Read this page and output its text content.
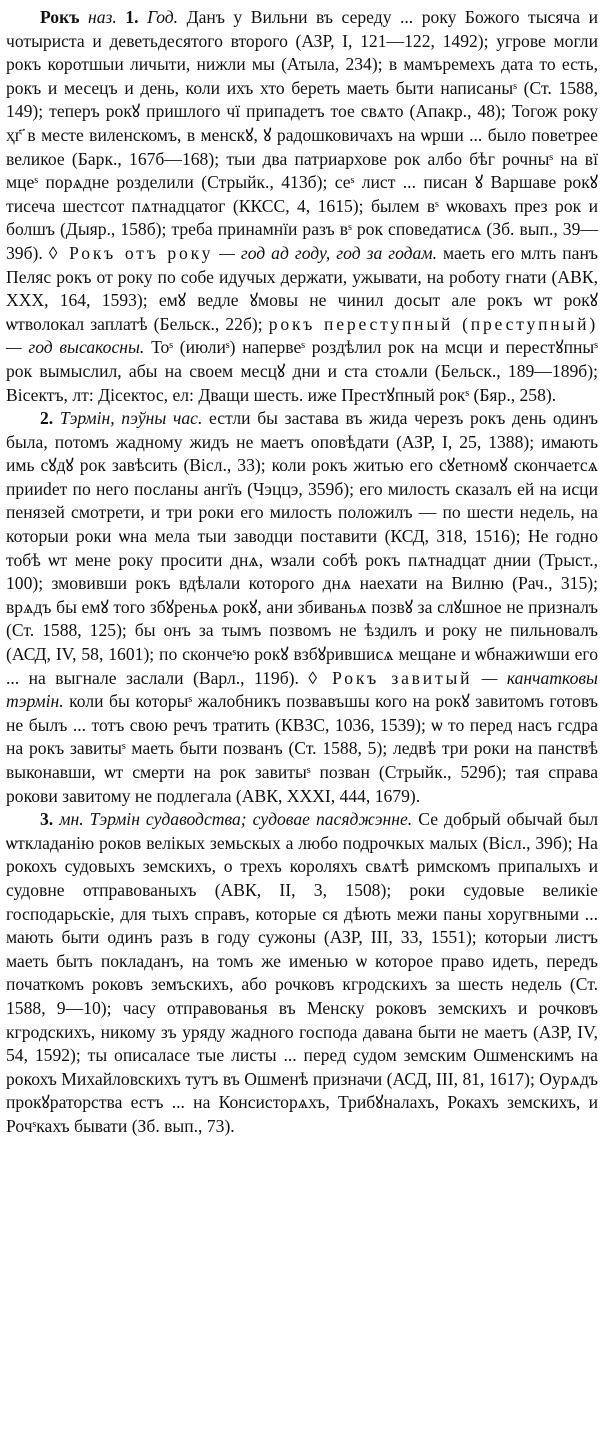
Рокъ наз. 1. Год. Данъ у Вильни въ середу ... року Божого тысяча и чотыриста и деветьдесятого второго (АЗР, I, 121—122, 1492); угрове могли рокъ коротшыи личыти, нижли мы (Атыла, 234); в мамъремехъ дата то есть, рокъ и месецъ и день, коли ихъ хто береть маеть быти написаныˢ (Ст. 1588, 149); теперъ рокꙋ пришлого чї припадетъ тое свѧто (Апакр., 48); Тогож року ҳг҃ в месте виленскомъ, в менскꙋ, ꙋ радошковичахъ на ѡрши ... было поветрее великое (Барк., 167б—168); тыи два патриархове рок албо бѣг рочныˢ на вї мцеˢ порѧдне розделили (Стрыйк., 413б); сеˢ лист ... писан ꙋ Варшаве рокꙋ тисеча шестсот пѧтнадцатог (ККСС, 4, 1615); былем вˢ ѡковахъ през рок и болшъ (Дыяр., 158б); треба принамнїи разъ вˢ рок споведатисѧ (Зб. вып., 39—39б). ◊ Рокъ отъ року — год ад году, год за годам. маеть его млть панъ Пеляс рокъ от року по собе идучых держати, ужывати, на роботу гнати (АВК, XXX, 164, 1593); емꙋ ведле ꙋмовы не чинил досыт але рокъ ѡт рокꙋ ѡтволокал заплатѣ (Бельск., 22б); рокъ переступный (преступный) — год высакосны. Тоˢ (июлиˢ) напервеˢ роздѣлил рок на мсци и перестꙋпныˢ рок вымыслил, абы на своем месцꙋ дни и ста стоѧли (Бельск., 189—189б); Вісектъ, лт: Дісектос, ел: Дващи шесть. иже Престꙋпный рокˢ (Бяр., 258).

2. Тэрмін, пэўны час. естли бы застава въ жида черезъ рокъ день одинъ была, потомъ жадному жидъ не маетъ оповѣдати (АЗР, I, 25, 1388); имають имь сꙋдꙋ рок завѣсить (Вісл., 33); коли рокъ житью его сꙋетномꙋ скончаетсѧ прииdет по него посланы ангїъ (Чэццэ, 359б); его милость сказалъ ей на исци пенязей смотрети, и три роки его милость положилъ — по шести недель, на которыи роки ѡна мела тыи заводци поставити (КСД, 318, 1516); Не годно тобѣ ѡт мене року просити днѧ, ѡзали собѣ рокъ пѧтнадцат днии (Трыст., 100); змовивши рокъ вдѣлали которого днѧ наехати на Вилню (Рач., 315); врѧдъ бы емꙋ того збꙋреньѧ рокꙋ, ани збиваньѧ позвꙋ за слꙋшное не призналъ (Ст. 1588, 125); бы онъ за тымъ позвомъ не ѣздилъ и року не пильновалъ (АСД, IV, 58, 1601); по скончеˢю рокꙋ взбꙋрившисѧ мещане и ѡбнажиwши его ... на выгнале заслали (Варл., 119б). ◊ Рокъ завитый — канчатковы тэрмін. коли бы которыˢ жалобникъ позвавъшы кого на рокꙋ завитомъ готовъ не былъ ... тотъ свою речъ тратить (КВЗС, 1036, 1539); ѡ то перед насъ гсдра на рокъ завитыˢ маеть быти позванъ (Ст. 1588, 5); ледвѣ три роки на панствѣ выконавши, ѡт смерти на рок завитыˢ позван (Стрыйк., 529б); тая справа рокови завитому не подлегала (АВК, XXXI, 444, 1679).

3. мн. Тэрмін судаводства; судовае пасяджэнне. Се добрый обычай был ѡткладанію роков велікых земьскых а любо подрочкых малых (Вісл., 39б); На рокохъ судовыхъ земскихъ, о трехъ короляхъ свѧтѣ римскомъ припалыхъ и судовне отправованыхъ (АВК, II, 3, 1508); роки судовые великіе господарьскіе, для тыхъ справъ, которые ся дѣють межи паны хоругвными ... мають быти одинъ разъ в году сужоны (АЗР, III, 33, 1551); которыи листъ маеть быть покладанъ, на томъ же именью ѡ которое право идеть, передъ початкомъ роковъ земъскихъ, або рочковъ кгродскихъ за шесть недель (Ст. 1588, 9—10); часу отправованья въ Менску роковъ земскихъ и рочковъ кгродскихъ, никому зъ уряду жадного господа давана быти не маетъ (АЗР, IV, 54, 1592); ты описаласе тые листы ... перед судом земским Ошменскимъ на рокохъ Михайловскихъ тутъ въ Ошменѣ призначи (АСД, III, 81, 1617); Оурѧдъ прокꙋраторства естъ ... на Консисторѧхъ, Трибꙋналахъ, Рокахъ земскихъ, и Рочˢкахъ бывати (Зб. вып., 73).
